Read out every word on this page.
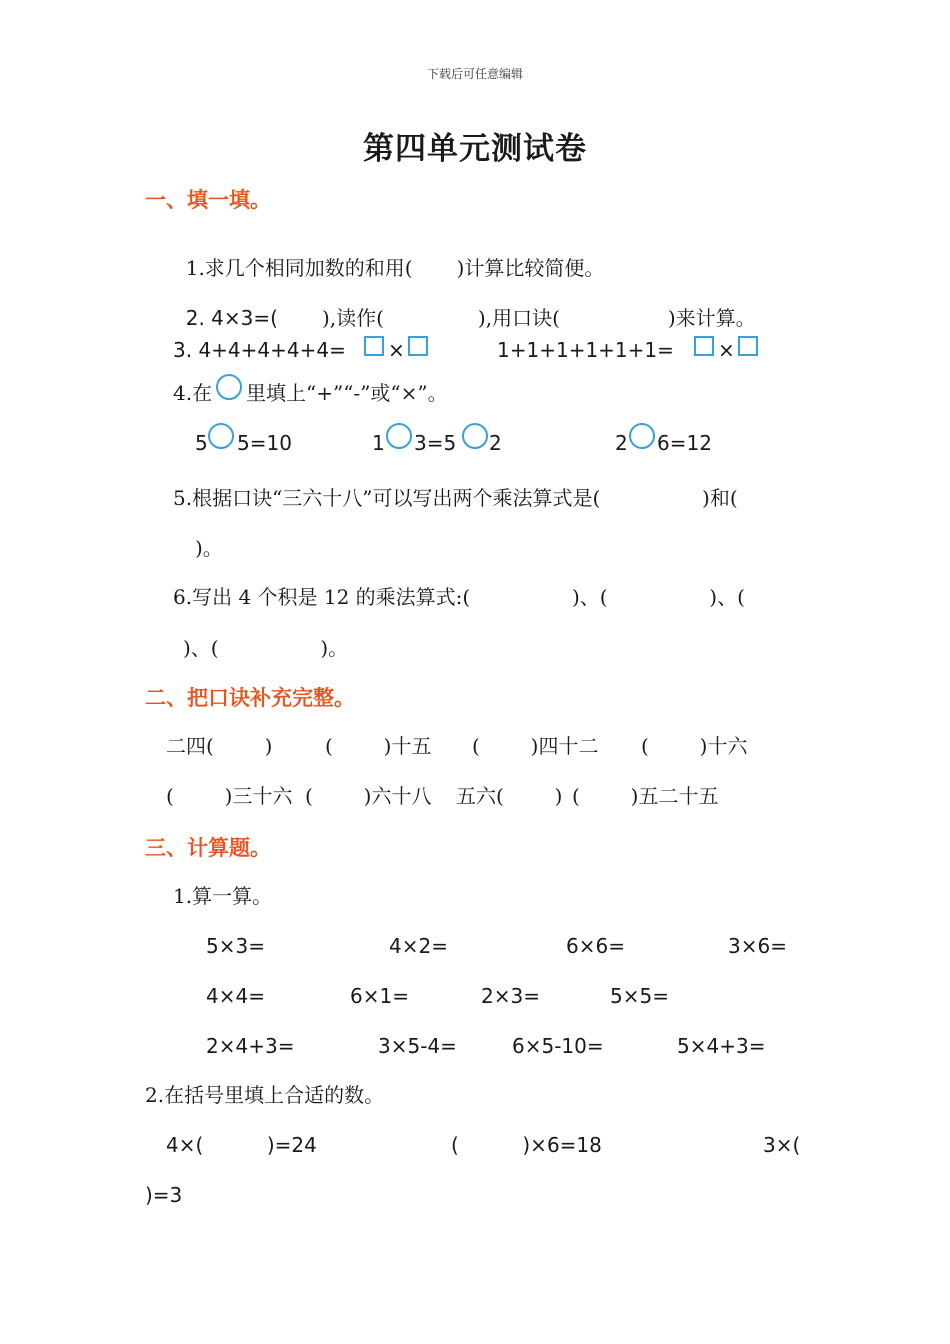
下载后可任意编辑
第四单元测试卷
一、填一填。

1.求几个相同加数的和用( )计算比较简便。

2. 4×3=( ),读作(	),用口诀(	)来计算。

3. 4+4+4+4+4= ×	1+1+1+1+1+1= ×
4.在 里填上“+”“-”或“×”。
5 5=10	1 3=5 2	2 6=12
5.根据口诀“三六十八”可以写出两个乘法算式是(                )和(
)。
6.写出 4 个积是 12 的乘法算式:(                )、(                )、(
)、(                )。
二、把口诀补充完整。
二四(        )	(        )十五 (        )四十二 (        )十六
(        )三十六 (        )六十八 五六(        ) (        )五二十五
三、计算题。
1.算一算。
5×3=	4×2=	6×6=	3×6=
4×4=	6×1=	2×3=	5×5=
2×4+3=	3×5-4=	6×5-10=	5×4+3=
2.在括号里填上合适的数。
4×(          )=24	(          )×6=18	3×(
)=3
